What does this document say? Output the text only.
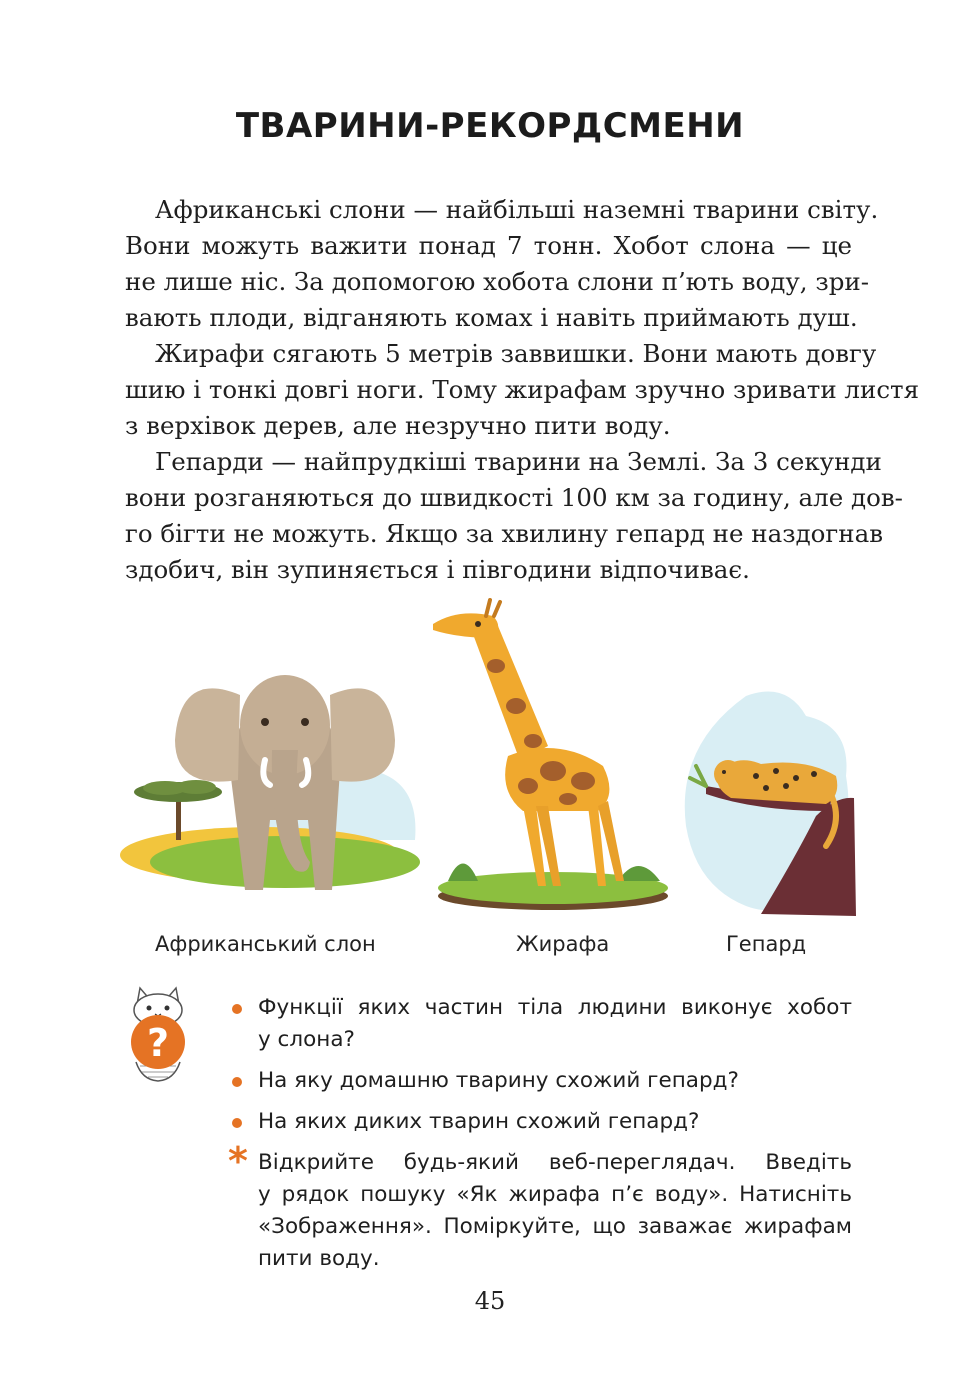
ТВАРИНИ-РЕКОРДСМЕНИ

Африканські слони — найбільші наземні тварини світу.
Вони можуть важити понад 7 тонн. Хобот слона — це
не лише ніс. За допомогою хобота слони п’ють воду, зри-
вають плоди, відганяють комах і навіть приймають душ.

Жирафи сягають 5 метрів заввишки. Вони мають довгу
шию і тонкі довгі ноги. Тому жирафам зручно зривати листя
з верхівок дерев, але незручно пити воду.

Гепарди — найпрудкіші тварини на Землі. За 3 секунди
вони розганяються до швидкості 100 км за годину, але дов-
го бігти не можуть. Якщо за хвилину гепард не наздогнав
здобич, він зупиняється і півгодини відпочиває.

Африканський слон	Жирафа	Гепард
?
Функції яких частин тіла людини виконує хобот
у слона?
На яку домашню тварину схожий гепард?
На яких диких тварин схожий гепард?
* Відкрийте будь-який веб-переглядач. Введіть
у рядок пошуку «Як жирафа п’є воду». Натисніть
«Зображення». Поміркуйте, що заважає жирафам
пити воду.
45
